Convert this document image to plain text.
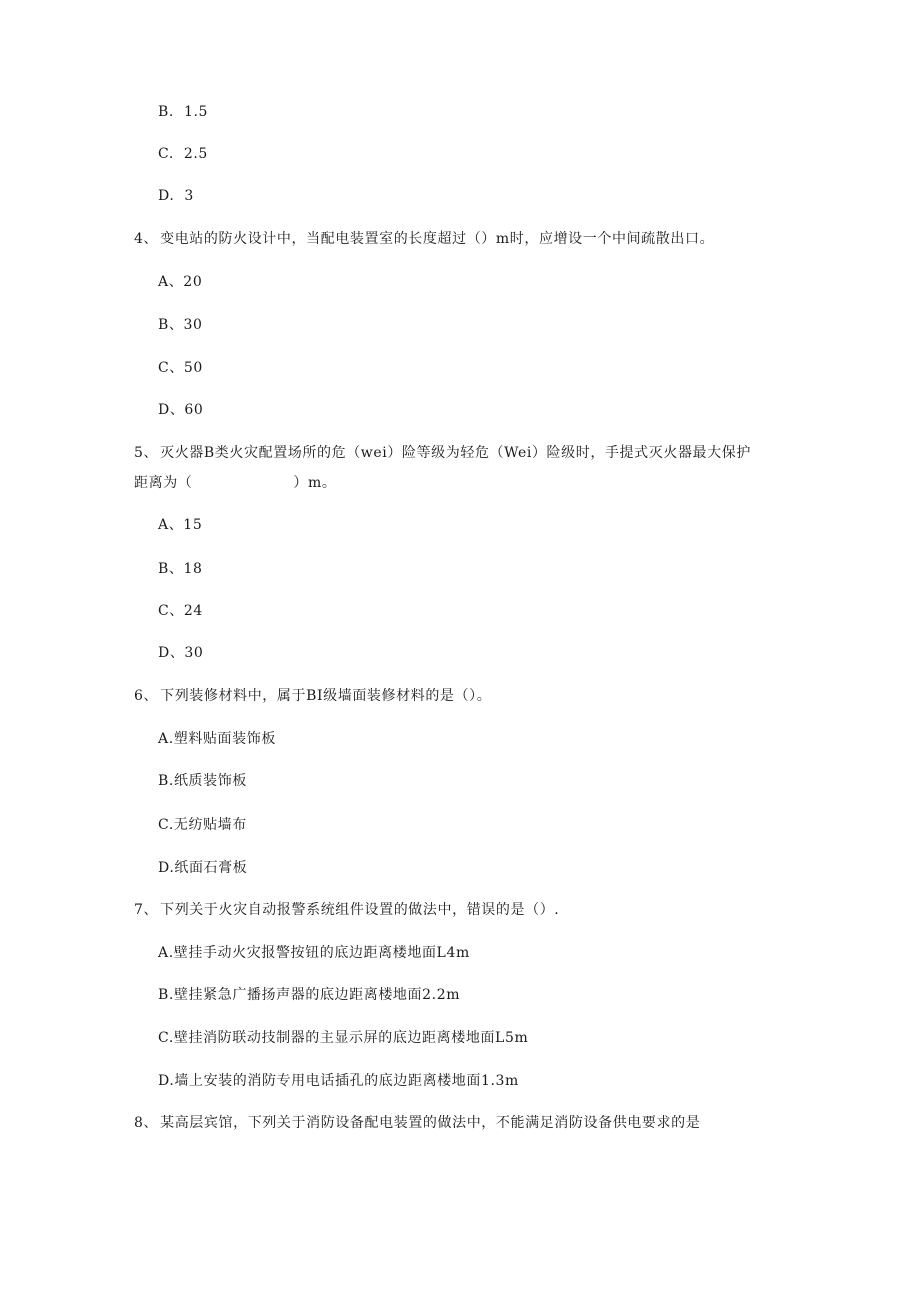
B. 1.5
C. 2.5
D. 3
4、 变电站的防火设计中，当配电装置室的长度超过（）m时，应增设一个中间疏散出口。
A、20
B、30
C、50
D、60
5、 灭火器B类火灾配置场所的危（wei）险等级为轻危（Wei）险级时，手提式灭火器最大保护
距离为（                    ）m。
A、15
B、18
C、24
D、30
6、 下列装修材料中，属于BI级墙面装修材料的是（）。
A.塑料贴面装饰板
B.纸质装饰板
C.无纺贴墙布
D.纸面石膏板
7、 下列关于火灾自动报警系统组件设置的做法中，错误的是（）.
A.壁挂手动火灾报警按钮的底边距离楼地面L4m
B.壁挂紧急广播扬声器的底边距离楼地面2.2m
C.壁挂消防联动技制器的主显示屏的底边距离楼地面L5m
D.墙上安装的消防专用电话插孔的底边距离楼地面1.3m
8、 某高层宾馆，下列关于消防设备配电装置的做法中，不能满足消防设备供电要求的是
